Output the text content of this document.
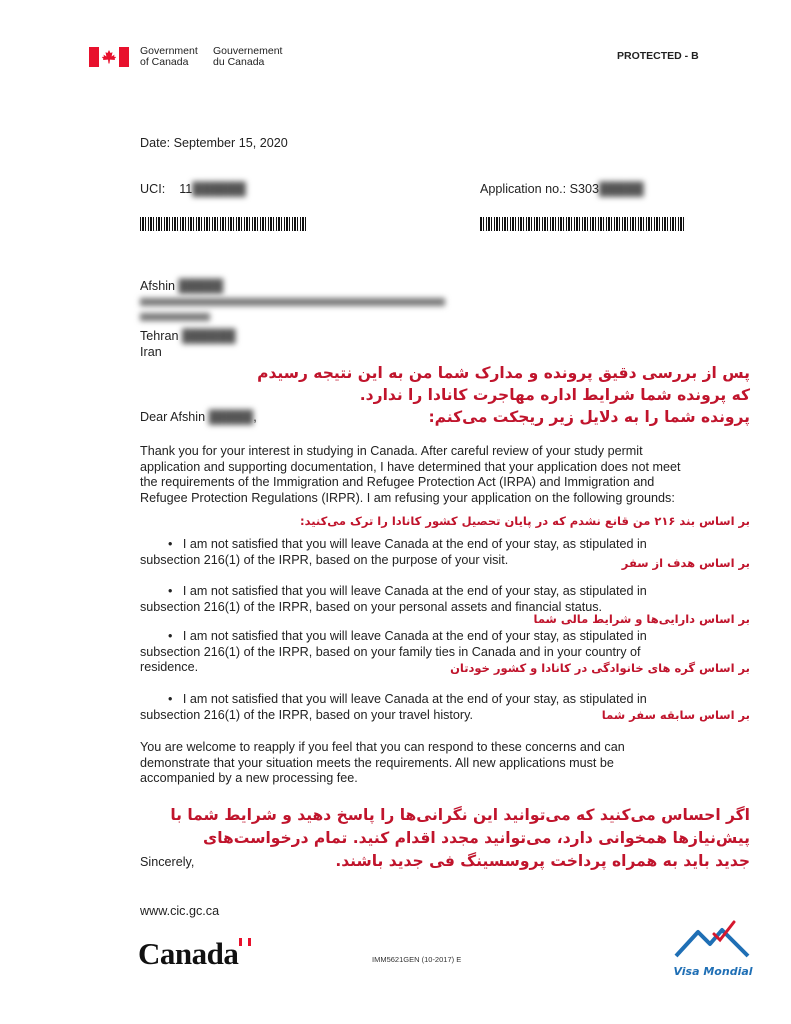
Government
of Canada
Gouvernement
du Canada	PROTECTED - B
Date: September 15, 2020
UCI: 11██████	Application no.: S303█████
Afshin █████
Tehran ██████
Iran
پس از بررسی دقیق پرونده و مدارک شما من به این نتیجه رسیدم
که پرونده شما شرایط اداره مهاجرت کانادا را ندارد.
پرونده شما را به دلایل زیر ریجکت می‌کنم:
Dear Afshin █████,
Thank you for your interest in studying in Canada. After careful review of your study permit
application and supporting documentation, I have determined that your application does not meet
the requirements of the Immigration and Refugee Protection Act (IRPA) and Immigration and
Refugee Protection Regulations (IRPR). I am refusing your application on the following grounds:
بر اساس بند ۲۱۶ من قانع نشدم که در پایان تحصیل کشور کانادا را ترک می‌کنید:
•   I am not satisfied that you will leave Canada at the end of your stay, as stipulated in
subsection 216(1) of the IRPR, based on the purpose of your visit.	بر اساس هدف از سفر
•   I am not satisfied that you will leave Canada at the end of your stay, as stipulated in
subsection 216(1) of the IRPR, based on your personal assets and financial status.
بر اساس دارایی‌ها و شرایط مالی شما
•   I am not satisfied that you will leave Canada at the end of your stay, as stipulated in
subsection 216(1) of the IRPR, based on your family ties in Canada and in your country of
residence.	بر اساس گره های خانوادگی در کانادا و کشور خودتان
•   I am not satisfied that you will leave Canada at the end of your stay, as stipulated in
subsection 216(1) of the IRPR, based on your travel history.	بر اساس سابقه سفر شما
You are welcome to reapply if you feel that you can respond to these concerns and can
demonstrate that your situation meets the requirements. All new applications must be
accompanied by a new processing fee.
اگر احساس می‌کنید که می‌توانید این نگرانی‌ها را پاسخ دهید و شرایط شما با
پیش‌نیازها همخوانی دارد، می‌توانید مجدد اقدام کنید. تمام درخواست‌های
جدید باید به همراه پرداخت پروسسینگ فی جدید باشند.
Sincerely,
www.cic.gc.ca
Canada	IMM5621GEN (10-2017) E
Visa Mondial
